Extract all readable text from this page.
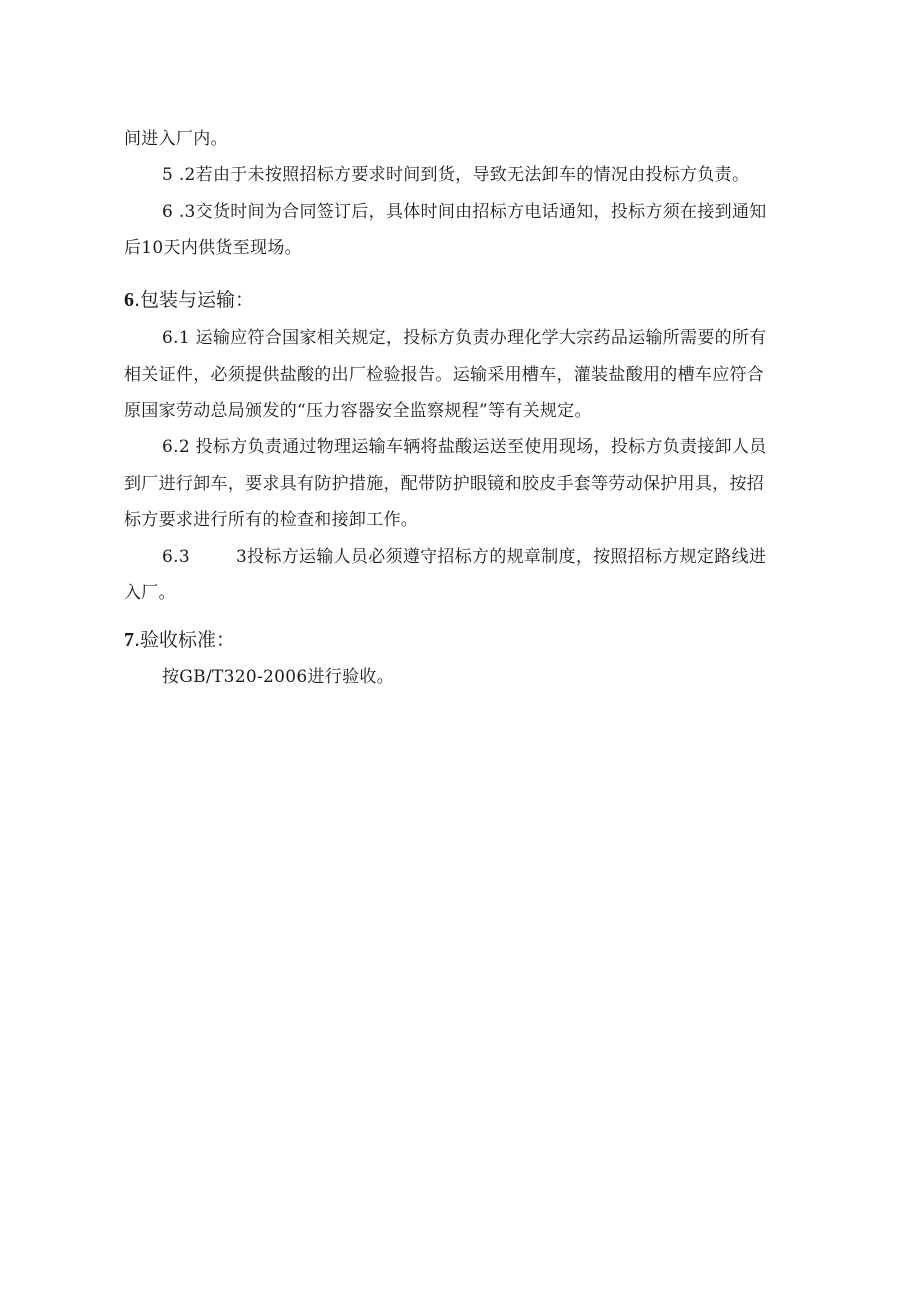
间进入厂内。
5 .2若由于未按照招标方要求时间到货，导致无法卸车的情况由投标方负责。
6 .3交货时间为合同签订后，具体时间由招标方电话通知，投标方须在接到通知
后10天内供货至现场。
6.包装与运输：
6.1 运输应符合国家相关规定，投标方负责办理化学大宗药品运输所需要的所有
相关证件，必须提供盐酸的出厂检验报告。运输采用槽车，灌装盐酸用的槽车应符合
原国家劳动总局颁发的“压力容器安全监察规程”等有关规定。
6.2 投标方负责通过物理运输车辆将盐酸运送至使用现场，投标方负责接卸人员
到厂进行卸车，要求具有防护措施，配带防护眼镜和胶皮手套等劳动保护用具，按招
标方要求进行所有的检查和接卸工作。
6.3	3投标方运输人员必须遵守招标方的规章制度，按照招标方规定路线进
入厂。
7.验收标准：
按GB/T320-2006进行验收。
